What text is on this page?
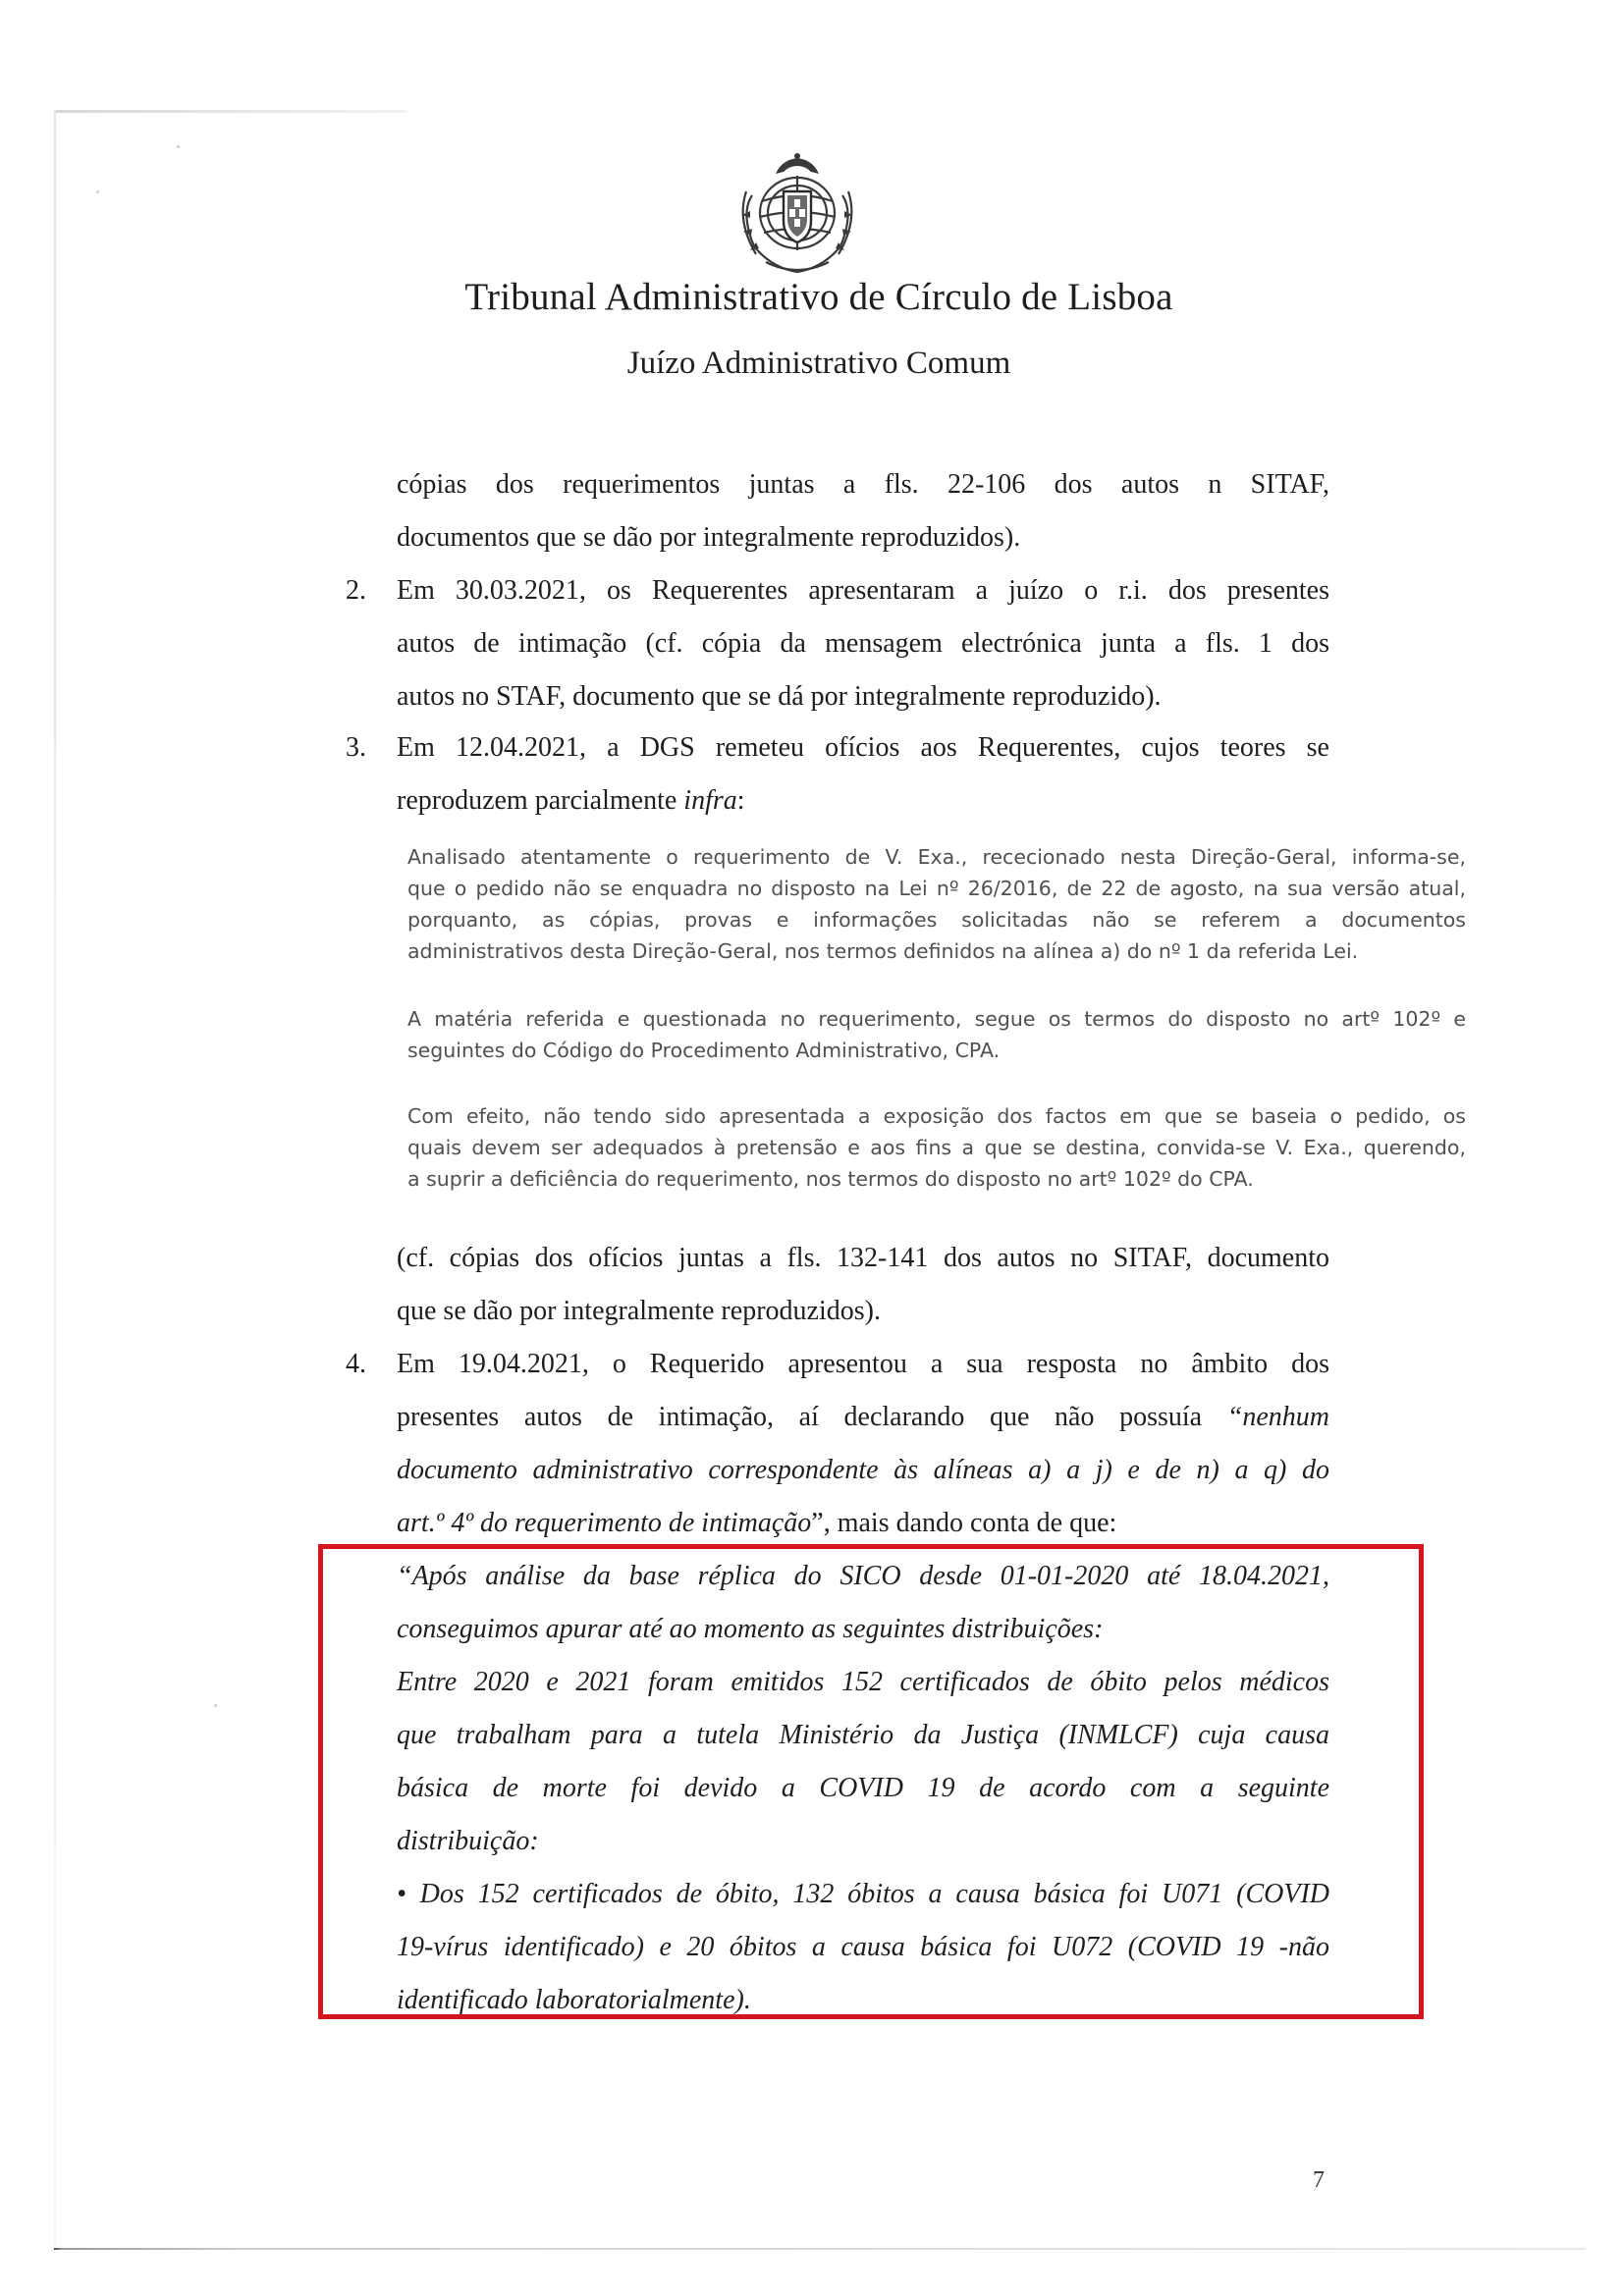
Tribunal Administrativo de Círculo de Lisboa
Juízo Administrativo Comum
cópias dos requerimentos juntas a fls. 22-106 dos autos n SITAF,
documentos que se dão por integralmente reproduzidos).
2. Em 30.03.2021, os Requerentes apresentaram a juízo o r.i. dos presentes
autos de intimação (cf. cópia da mensagem electrónica junta a fls. 1 dos
autos no STAF, documento que se dá por integralmente reproduzido).
3. Em 12.04.2021, a DGS remeteu ofícios aos Requerentes, cujos teores se
reproduzem parcialmente infra:
Analisado atentamente o requerimento de V. Exa., rececionado nesta Direção-Geral, informa-se,
que o pedido não se enquadra no disposto na Lei nº 26/2016, de 22 de agosto, na sua versão atual,
porquanto, as cópias, provas e informações solicitadas não se referem a documentos
administrativos desta Direção-Geral, nos termos definidos na alínea a) do nº 1 da referida Lei.
A matéria referida e questionada no requerimento, segue os termos do disposto no artº 102º e
seguintes do Código do Procedimento Administrativo, CPA.
Com efeito, não tendo sido apresentada a exposição dos factos em que se baseia o pedido, os
quais devem ser adequados à pretensão e aos fins a que se destina, convida-se V. Exa., querendo,
a suprir a deficiência do requerimento, nos termos do disposto no artº 102º do CPA.
(cf. cópias dos ofícios juntas a fls. 132-141 dos autos no SITAF, documento
que se dão por integralmente reproduzidos).
4. Em 19.04.2021, o Requerido apresentou a sua resposta no âmbito dos
presentes autos de intimação, aí declarando que não possuía “nenhum
documento administrativo correspondente às alíneas a) a j) e de n) a q) do
art.º 4º do requerimento de intimação”, mais dando conta de que:
“Após análise da base réplica do SICO desde 01-01-2020 até 18.04.2021,
conseguimos apurar até ao momento as seguintes distribuições:
Entre 2020 e 2021 foram emitidos 152 certificados de óbito pelos médicos
que trabalham para a tutela Ministério da Justiça (INMLCF) cuja causa
básica de morte foi devido a COVID 19 de acordo com a seguinte
distribuição:
• Dos 152 certificados de óbito, 132 óbitos a causa básica foi U071 (COVID
19-vírus identificado) e 20 óbitos a causa básica foi U072 (COVID 19 -não
identificado laboratorialmente).
7
